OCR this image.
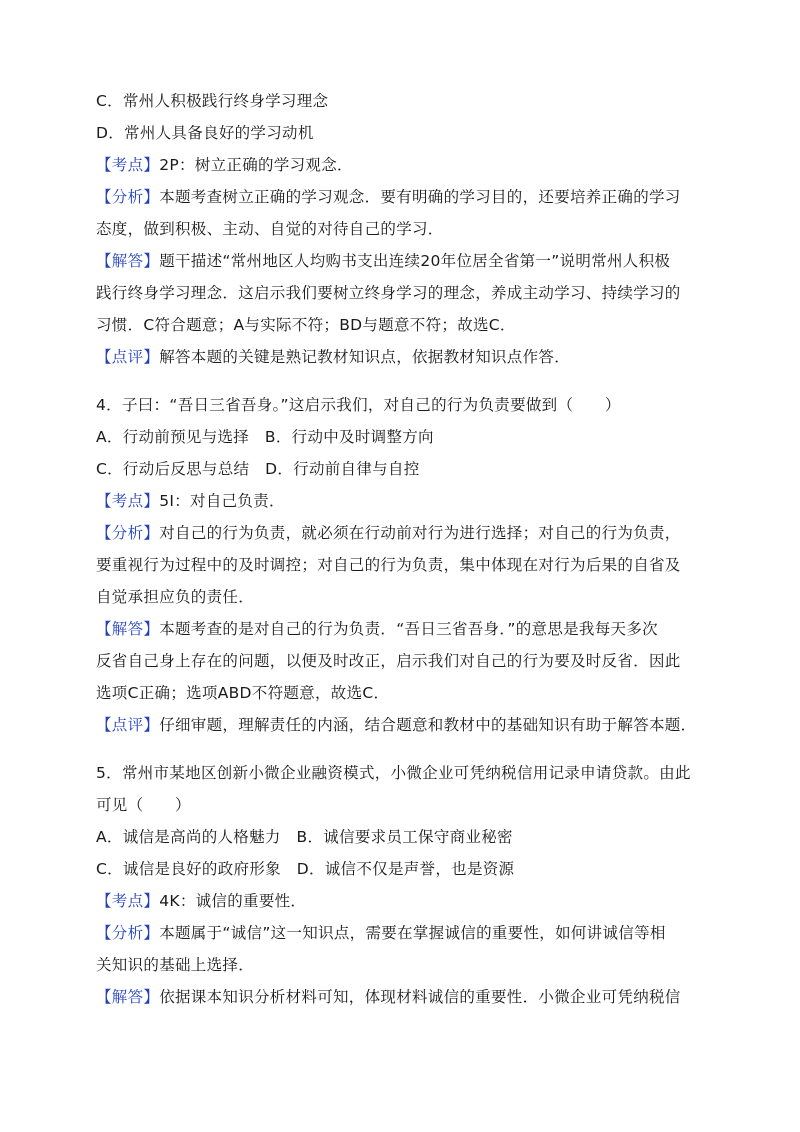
C．常州人积极践行终身学习理念
D．常州人具备良好的学习动机
【考点】2P：树立正确的学习观念．
【分析】本题考查树立正确的学习观念．要有明确的学习目的，还要培养正确的学习
态度，做到积极、主动、自觉的对待自己的学习．
【解答】题干描述“常州地区人均购书支出连续20年位居全省第一”说明常州人积极
践行终身学习理念．这启示我们要树立终身学习的理念，养成主动学习、持续学习的
习惯．C符合题意；A与实际不符；BD与题意不符；故选C．
【点评】解答本题的关键是熟记教材知识点，依据教材知识点作答．
4．子曰：“吾日三省吾身。”这启示我们，对自己的行为负责要做到（　　）
A．行动前预见与选择　B．行动中及时调整方向
C．行动后反思与总结　D．行动前自律与自控
【考点】5I：对自己负责．
【分析】对自己的行为负责，就必须在行动前对行为进行选择；对自己的行为负责，
要重视行为过程中的及时调控；对自己的行为负责，集中体现在对行为后果的自省及
自觉承担应负的责任．
【解答】本题考查的是对自己的行为负责．“吾日三省吾身．”的意思是我每天多次
反省自己身上存在的问题，以便及时改正，启示我们对自己的行为要及时反省．因此
选项C正确；选项ABD不符题意，故选C．
【点评】仔细审题，理解责任的内涵，结合题意和教材中的基础知识有助于解答本题．
5．常州市某地区创新小微企业融资模式，小微企业可凭纳税信用记录申请贷款。由此
可见（　　）
A．诚信是高尚的人格魅力　B．诚信要求员工保守商业秘密
C．诚信是良好的政府形象　D．诚信不仅是声誉，也是资源
【考点】4K：诚信的重要性．
【分析】本题属于“诚信”这一知识点，需要在掌握诚信的重要性，如何讲诚信等相
关知识的基础上选择．
【解答】依据课本知识分析材料可知，体现材料诚信的重要性．小微企业可凭纳税信
